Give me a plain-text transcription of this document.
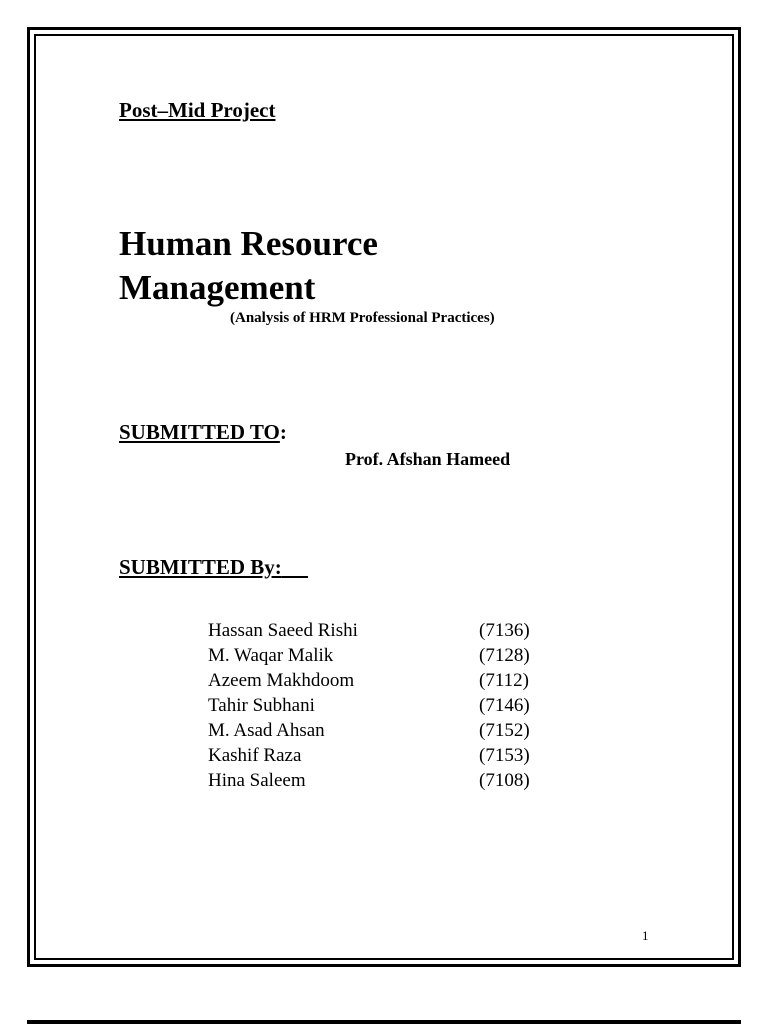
Post–Mid Project
Human Resource
Management
(Analysis of HRM Professional Practices)
SUBMITTED TO:
Prof. Afshan Hameed
SUBMITTED By:
Hassan Saeed Rishi	(7136)
M. Waqar Malik	(7128)
Azeem Makhdoom	(7112)
Tahir Subhani	(7146)
M. Asad Ahsan	(7152)
Kashif Raza	(7153)
Hina Saleem	(7108)
1
